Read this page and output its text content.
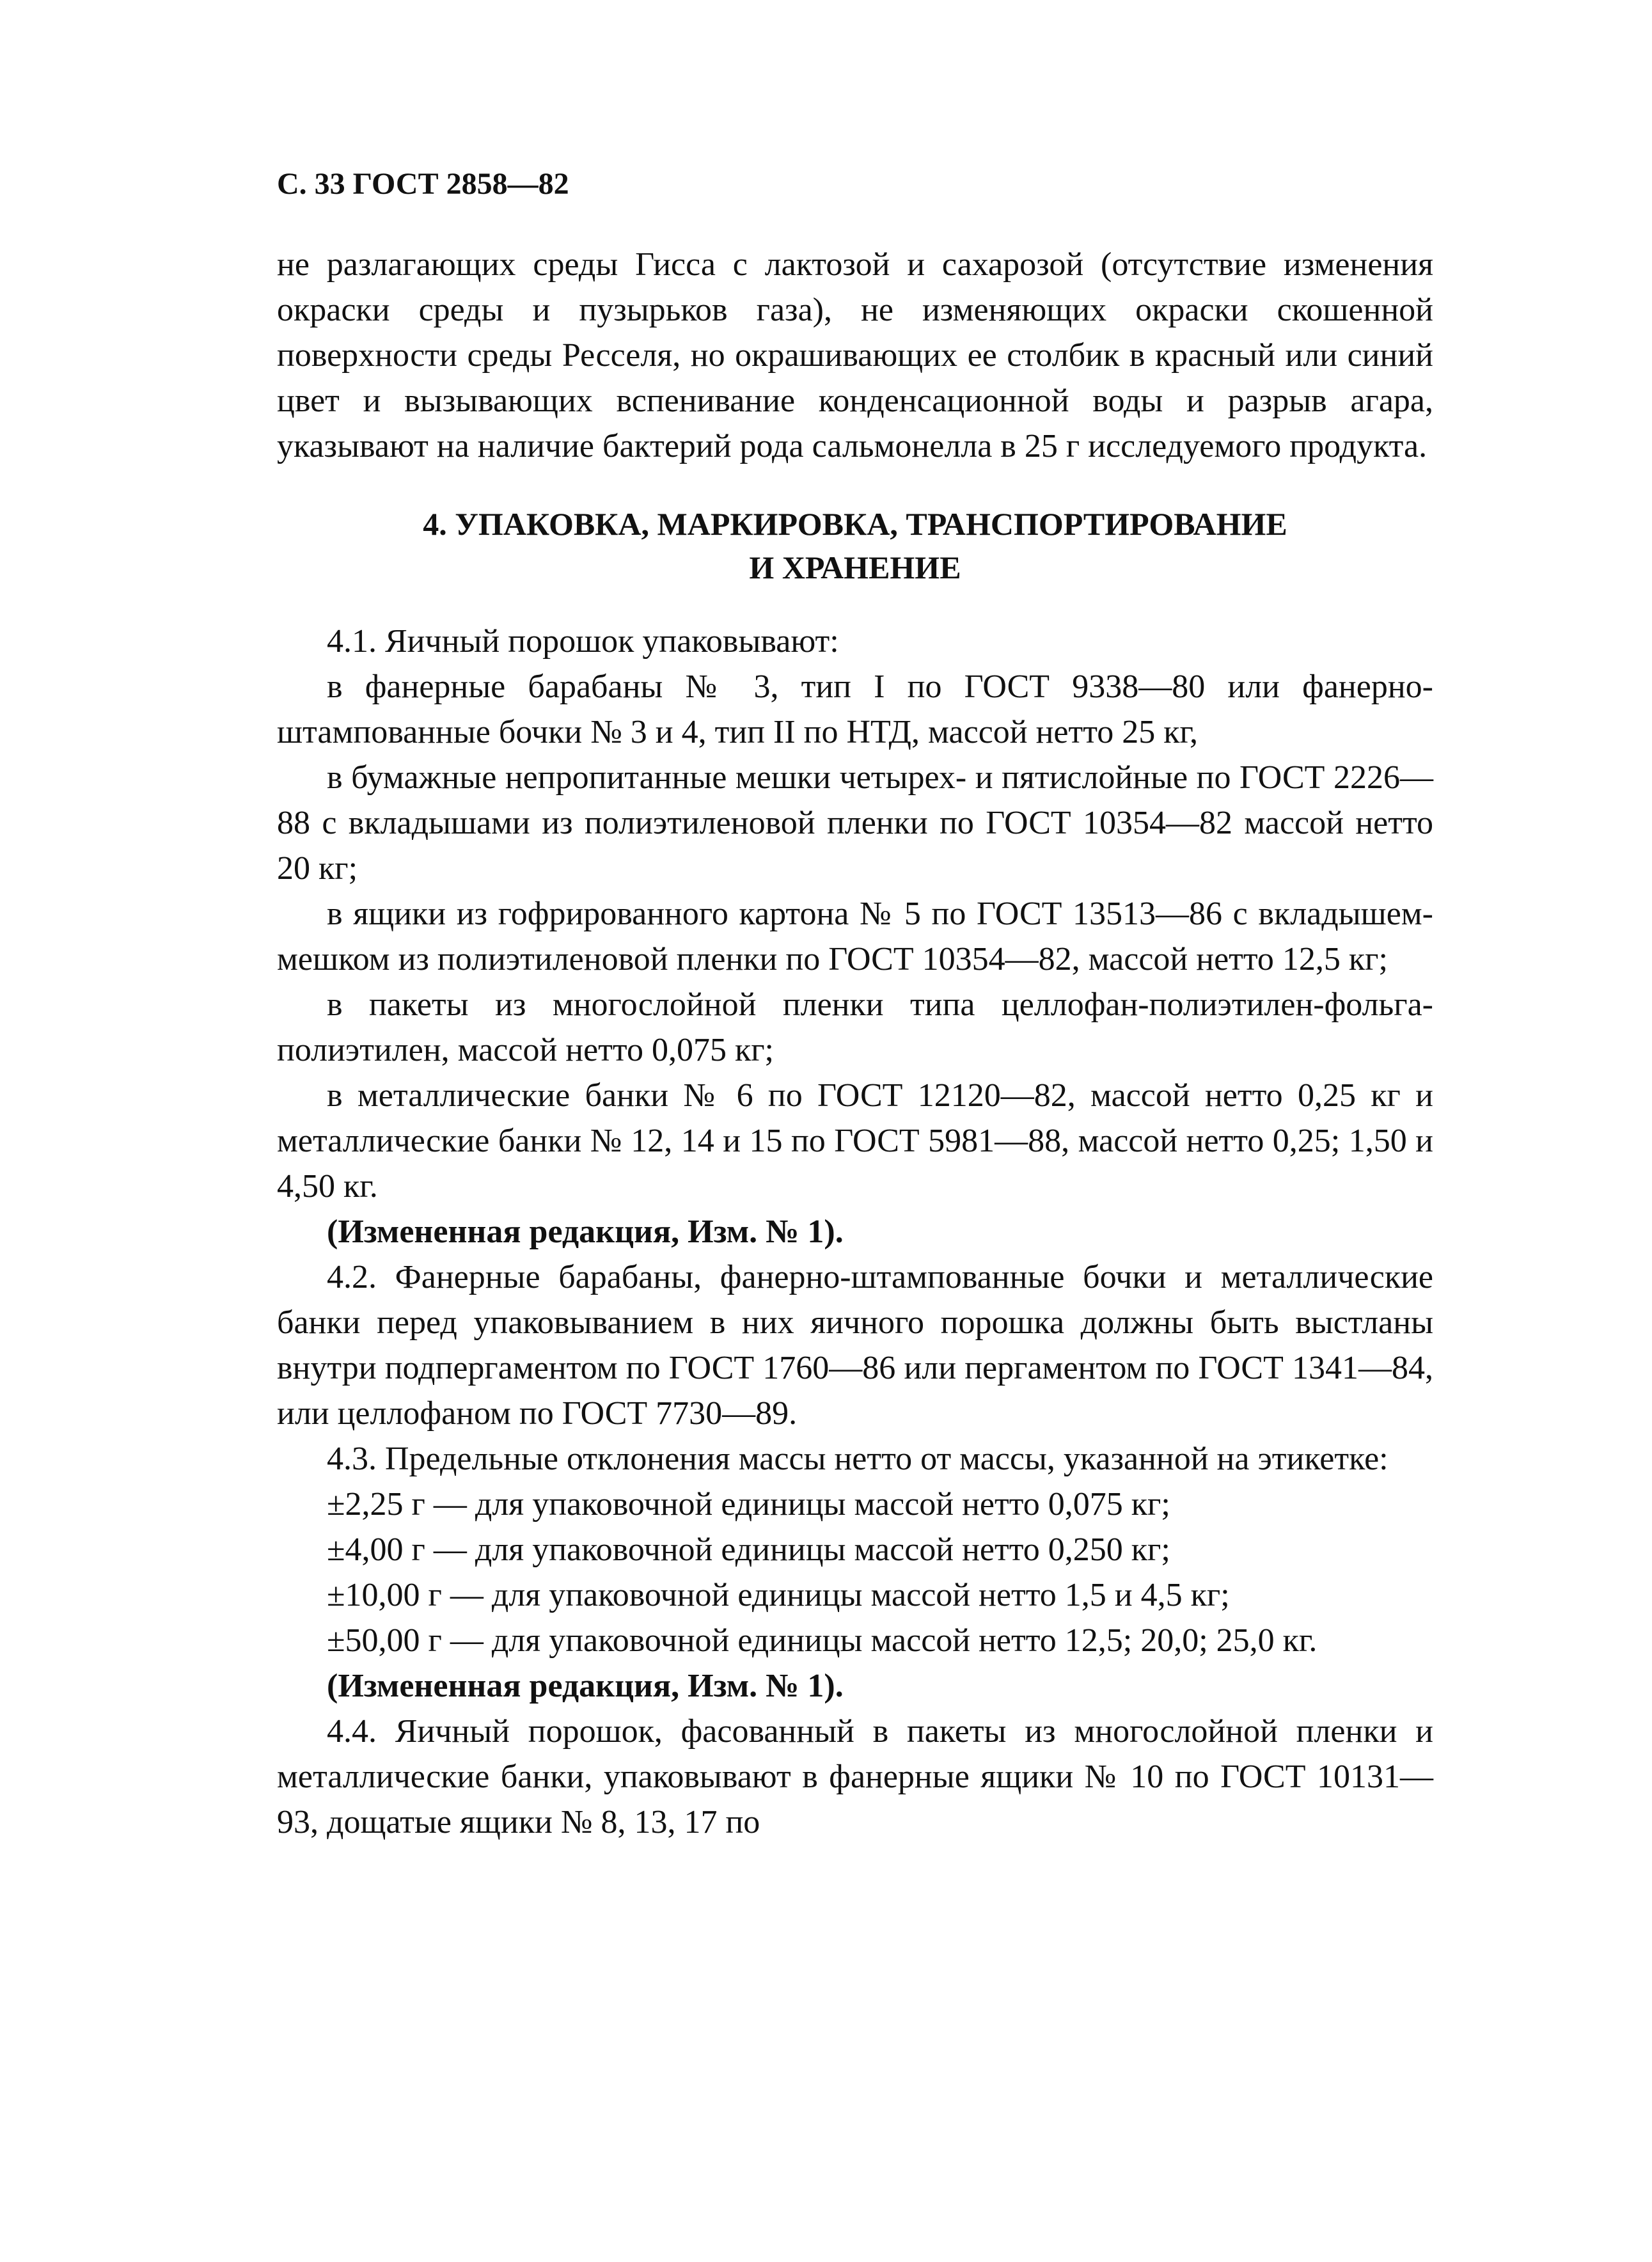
С. 33 ГОСТ 2858—82

не разлагающих среды Гисса с лактозой и сахарозой (отсутствие изменения окраски среды и пузырьков газа), не изменяющих окраски скошенной поверхности среды Ресселя, но окрашивающих ее столбик в красный или синий цвет и вызывающих вспенивание конденсационной воды и разрыв агара, указывают на наличие бактерий рода сальмонелла в 25 г исследуемого продукта.

4. УПАКОВКА, МАРКИРОВКА, ТРАНСПОРТИРОВАНИЕ
И ХРАНЕНИЕ

4.1. Яичный порошок упаковывают:

в фанерные барабаны № 3, тип I по ГОСТ 9338—80 или фанерно-штампованные бочки № 3 и 4, тип II по НТД, массой нетто 25 кг,

в бумажные непропитанные мешки четырех- и пятислойные по ГОСТ 2226—88 с вкладышами из полиэтиленовой пленки по ГОСТ 10354—82 массой нетто 20 кг;

в ящики из гофрированного картона № 5 по ГОСТ 13513—86 с вкладышем-мешком из полиэтиленовой пленки по ГОСТ 10354—82, массой нетто 12,5 кг;

в пакеты из многослойной пленки типа целлофан-полиэтилен-фольга-полиэтилен, массой нетто 0,075 кг;

в металлические банки № 6 по ГОСТ 12120—82, массой нетто 0,25 кг и металлические банки № 12, 14 и 15 по ГОСТ 5981—88, массой нетто 0,25; 1,50 и 4,50 кг.

(Измененная редакция, Изм. № 1).

4.2. Фанерные барабаны, фанерно-штампованные бочки и металлические банки перед упаковыванием в них яичного порошка должны быть выстланы внутри подпергаментом по ГОСТ 1760—86 или пергаментом по ГОСТ 1341—84, или целлофаном по ГОСТ 7730—89.

4.3. Предельные отклонения массы нетто от массы, указанной на этикетке:

±2,25 г — для упаковочной единицы массой нетто 0,075 кг;

±4,00 г — для упаковочной единицы массой нетто 0,250 кг;

±10,00 г — для упаковочной единицы массой нетто 1,5 и 4,5 кг;

±50,00 г — для упаковочной единицы массой нетто 12,5; 20,0; 25,0 кг.

(Измененная редакция, Изм. № 1).

4.4. Яичный порошок, фасованный в пакеты из многослойной пленки и металлические банки, упаковывают в фанерные ящики № 10 по ГОСТ 10131—93, дощатые ящики № 8, 13, 17 по
